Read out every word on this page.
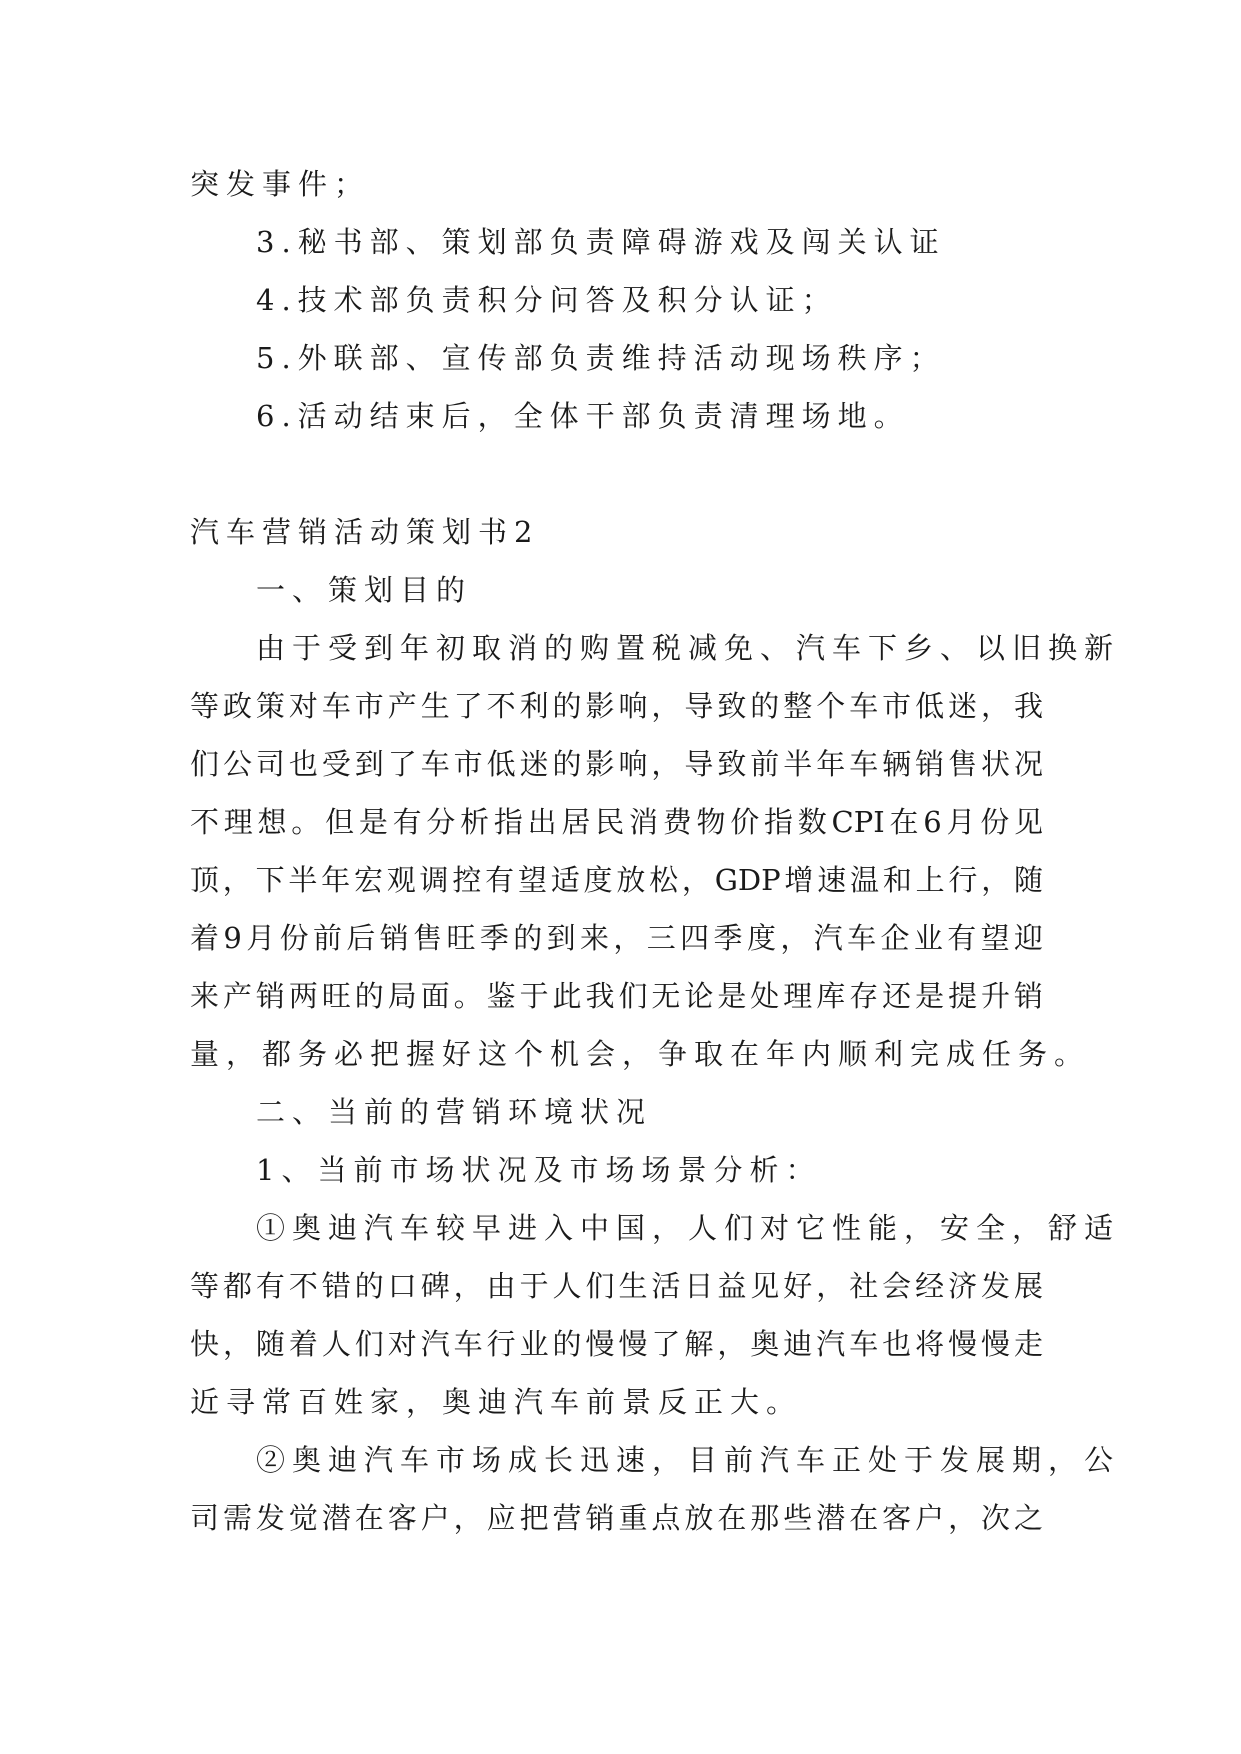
突发事件；
3.秘书部、策划部负责障碍游戏及闯关认证
4.技术部负责积分问答及积分认证；
5.外联部、宣传部负责维持活动现场秩序；
6.活动结束后，全体干部负责清理场地。
汽车营销活动策划书2
一、策划目的
由于受到年初取消的购置税减免、汽车下乡、以旧换新
等政策对车市产生了不利的影响，导致的整个车市低迷，我
们公司也受到了车市低迷的影响，导致前半年车辆销售状况
不理想。但是有分析指出居民消费物价指数CPI在6月份见
顶，下半年宏观调控有望适度放松，GDP增速温和上行，随
着9月份前后销售旺季的到来，三四季度，汽车企业有望迎
来产销两旺的局面。鉴于此我们无论是处理库存还是提升销
量，都务必把握好这个机会，争取在年内顺利完成任务。
二、当前的营销环境状况
1、当前市场状况及市场场景分析：
①奥迪汽车较早进入中国，人们对它性能，安全，舒适
等都有不错的口碑，由于人们生活日益见好，社会经济发展
快，随着人们对汽车行业的慢慢了解，奥迪汽车也将慢慢走
近寻常百姓家，奥迪汽车前景反正大。
②奥迪汽车市场成长迅速，目前汽车正处于发展期，公
司需发觉潜在客户，应把营销重点放在那些潜在客户，次之
